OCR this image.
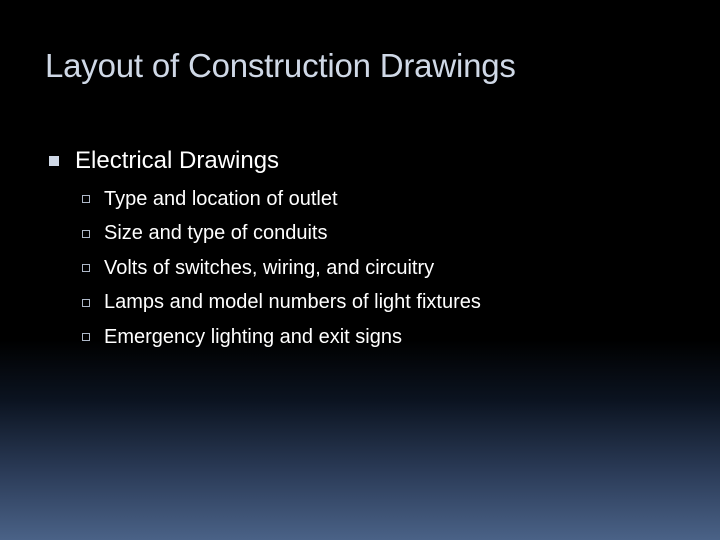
Layout of Construction Drawings
Electrical Drawings
Type and location of outlet
Size and type of conduits
Volts of switches, wiring, and circuitry
Lamps and model numbers of light fixtures
Emergency lighting and exit signs
